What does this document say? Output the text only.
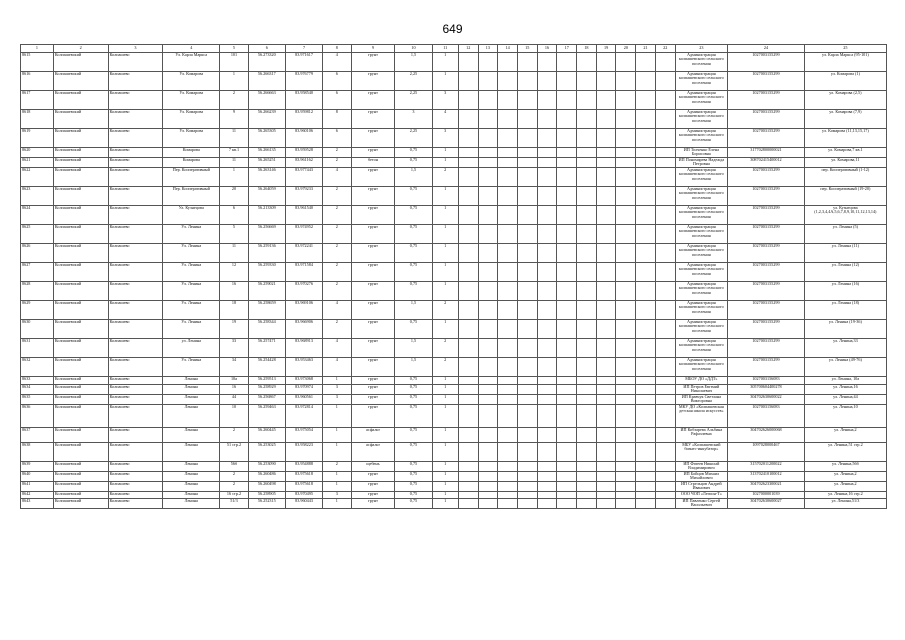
649
1	2	3	4	5	6	7	8	9	10	11	12	13	14	15	16	17	18	19	20	21	22	23	24	25
8615	Колпашевский	Колпашево	Ул. Карла Маркса	101	56.273320	83.971617	4	грунт	1,5	1												Администрация колпашевского сельского поселения	1027003155299	ул. Карла Маркса (95-101)
8616	Колпашевский	Колпашево	Ул. Комарова	1	56.266317	83.976779	6	грунт	2,25	1												Администрация колпашевского сельского поселения	1027003155299	ул. Комарова (1)
8617	Колпашевский	Колпашево	Ул. Комарова	2	56.266663	83.958540	6	грунт	2,25	3												Администрация колпашевского сельского поселения	1027003155299	ул. Комарова (2,5)
8618	Колпашевский	Колпашево	Ул. Комарова	9	56.266239	83.959812	8	грунт	3	4												Администрация колпашевского сельского поселения	1027003155299	ул. Комарова (7,9)
8619	Колпашевский	Колпашево	Ул. Комарова	11	56.265305	83.960106	6	грунт	2,25	3												Администрация колпашевского сельского поселения	1027003155299	ул. Комарова (11,13,15,17)
8620	Колпашевский	Колпашево	Комарова	7 кв.1	56.266135	83.959528	2	грунт	0,75	1												ИП Толченко Елена Борисовна	317702800000021	ул. Комарова,7 кв.1
8621	Колпашевский	Колпашево	Комарова	11	56.265251	83.961162	2	бетон	0,75	1												ИП Пономарева Надежда Петровна	308702415400012	ул. Комарова,11
8622	Колпашевский	Колпашево	Пер. Кооперативный	1	56.263146	83.977443	4	грунт	1,5	2												Администрация колпашевского сельского поселения	1027003155299	пер. Кооперативный (1-12)
8623	Колпашевский	Колпашево	Пер. Кооперативный	20	56.264059	83.979233	2	грунт	0,75	1												Администрация колпашевского сельского поселения	1027003155299	пер. Кооперативный (19-20)
8624	Колпашевский	Колпашево	Ул. Кузнецова	6	56.213309	83.961540	2	грунт	0,75	1												Администрация колпашевского сельского поселения	1027003155299	ул. Кузнецова (1,2,3,4,4A,5,6,7,8,9,10,11,12,13,14)
8625	Колпашевский	Колпашево	Ул. Ленина	5	56.256669	83.974952	2	грунт	0,75	1												Администрация колпашевского сельского поселения	1027003155299	ул. Ленина (5)
8626	Колпашевский	Колпашево	Ул. Ленина	11	56.259136	83.972241	2	грунт	0,75	1												Администрация колпашевского сельского поселения	1027003155299	ул. Ленина (11)
8627	Колпашевский	Колпашево	Ул. Ленина	12	56.259330	83.971584	2	грунт	0,75	1												Администрация колпашевского сельского поселения	1027003155299	ул. Ленина (12)
8628	Колпашевский	Колпашево	Ул. Ленина	16	56.259021	83.970276	2	грунт	0,75	1												Администрация колпашевского сельского поселения	1027003155299	ул. Ленина (16)
8629	Колпашевский	Колпашево	Ул. Ленина	18	56.258659	83.969106	4	грунт	1,5	2												Администрация колпашевского сельского поселения	1027003155299	ул. Ленина (18)
8630	Колпашевский	Колпашево	Ул. Ленина	19	56.258344	83.966906	2	грунт	0,75	1												Администрация колпашевского сельского поселения	1027003155299	ул. Ленина (19-36)
8631	Колпашевский	Колпашево	ул. Ленина	33	56.257471	83.968913	4	грунт	1,5	2												Администрация колпашевского сельского поселения	1027003155299	ул. Ленина,33
8632	Колпашевский	Колпашево	Ул. Ленина	34	56.254428	83.953463	4	грунт	1,5	2												Администрация колпашевского сельского поселения	1027003155299	ул. Ленина (49-76)
8633	Колпашевский	Колпашево	Ленина	10а	56.259513	83.973068	1	грунт	0,75	1												МБОУ ДО «ДДТ»	1027003156083	ул. Ленина, 10а
8634	Колпашевский	Колпашево	Ленина	16	56.258929	83.970974	3	грунт	0,75	1												ИП Петров Евгений Николаевич	305700604400278	ул. Ленина,16
8635	Колпашевский	Колпашево	Ленина	44	56.256867	83.960561	3	грунт	0,75	1												ИП Кравчук Светлана Викторовна	304702630600022	ул. Ленина,44
8636	Колпашевский	Колпашево	Ленина	10	56.259463	83.972814	1	грунт	0,75	1												МКУ ДО «Колпашевская детская школа искусств»	1027003156083	ул. Ленина,10
8637	Колпашевский	Колпашево	Ленина	2	56.260445	83.975054	1	асфальт	0,75	1												ИП Кобзарева Альбина Рафаэлевна	304702626000068	ул. Ленина,2
8638	Колпашевский	Колпашево	Ленина	51 стр.2	56.253025	83.958223	1	асфальт	0,75	1												МБУ «Колпашевский бизнес-инкубатор»	1097028000467	ул. Ленина,51 стр.2
8639	Колпашевский	Колпашево	Ленина	56б	56.253090	83.954888	2	щебень	0,75	1												ИП Фатеев Николай Владимирович	315702011200022	ул. Ленина,56б
8640	Колпашевский	Колпашево	Ленина	2	56.260486	83.975618	1	грунт	0,75	1												ИП Бойцов Михаил Михайлович	313702410100012	ул. Ленина,2
8641	Колпашевский	Колпашево	Ленина	2	56.260498	83.975618	1	грунт	0,75	1												ИП Стрельцов Андрей Иванович	304702623300021	ул. Ленина,2
8642	Колпашевский	Колпашево	Ленина	16 стр.2	56.258905	83.970495	3	грунт	0,75	1												ООО ЧОП «Легион-Т»	1027000001039	ул. Ленина,16 стр.2
8643	Колпашевский	Колпашево	Ленина	51/3	56.252315	83.960443	1	грунт	0,75	1												ИП Павленко Сергей Васильевич	304702630600027	ул. Ленина,51/3
